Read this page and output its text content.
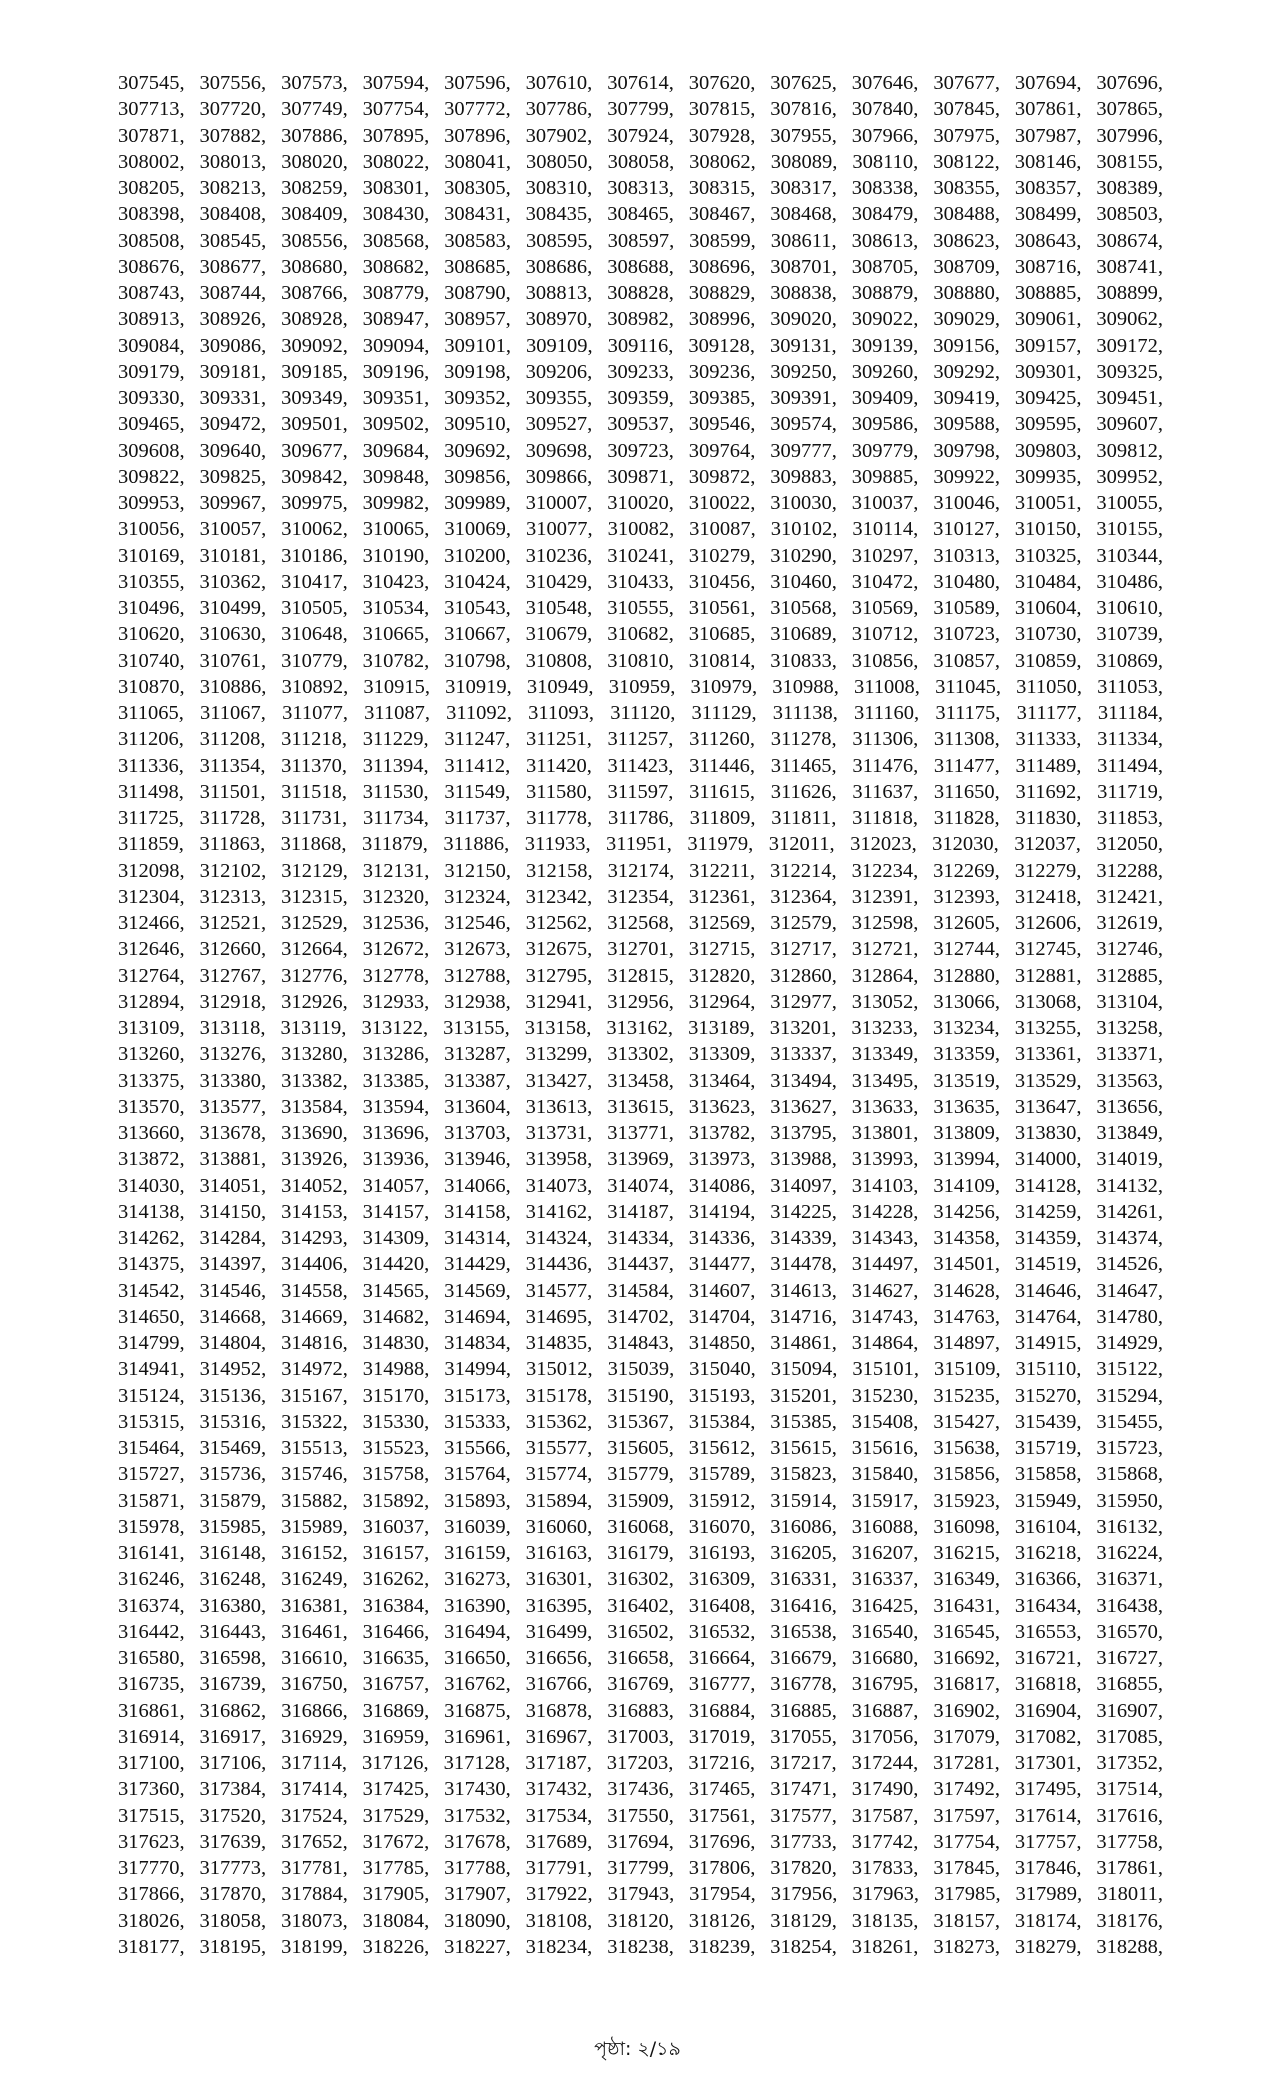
307545, 307556, 307573, 307594, 307596, 307610, 307614, 307620, 307625, 307646, 307677, 307694, 307696,
307713, 307720, 307749, 307754, 307772, 307786, 307799, 307815, 307816, 307840, 307845, 307861, 307865,
307871, 307882, 307886, 307895, 307896, 307902, 307924, 307928, 307955, 307966, 307975, 307987, 307996,
308002, 308013, 308020, 308022, 308041, 308050, 308058, 308062, 308089, 308110, 308122, 308146, 308155,
308205, 308213, 308259, 308301, 308305, 308310, 308313, 308315, 308317, 308338, 308355, 308357, 308389,
308398, 308408, 308409, 308430, 308431, 308435, 308465, 308467, 308468, 308479, 308488, 308499, 308503,
308508, 308545, 308556, 308568, 308583, 308595, 308597, 308599, 308611, 308613, 308623, 308643, 308674,
308676, 308677, 308680, 308682, 308685, 308686, 308688, 308696, 308701, 308705, 308709, 308716, 308741,
308743, 308744, 308766, 308779, 308790, 308813, 308828, 308829, 308838, 308879, 308880, 308885, 308899,
308913, 308926, 308928, 308947, 308957, 308970, 308982, 308996, 309020, 309022, 309029, 309061, 309062,
309084, 309086, 309092, 309094, 309101, 309109, 309116, 309128, 309131, 309139, 309156, 309157, 309172,
309179, 309181, 309185, 309196, 309198, 309206, 309233, 309236, 309250, 309260, 309292, 309301, 309325,
309330, 309331, 309349, 309351, 309352, 309355, 309359, 309385, 309391, 309409, 309419, 309425, 309451,
309465, 309472, 309501, 309502, 309510, 309527, 309537, 309546, 309574, 309586, 309588, 309595, 309607,
309608, 309640, 309677, 309684, 309692, 309698, 309723, 309764, 309777, 309779, 309798, 309803, 309812,
309822, 309825, 309842, 309848, 309856, 309866, 309871, 309872, 309883, 309885, 309922, 309935, 309952,
309953, 309967, 309975, 309982, 309989, 310007, 310020, 310022, 310030, 310037, 310046, 310051, 310055,
310056, 310057, 310062, 310065, 310069, 310077, 310082, 310087, 310102, 310114, 310127, 310150, 310155,
310169, 310181, 310186, 310190, 310200, 310236, 310241, 310279, 310290, 310297, 310313, 310325, 310344,
310355, 310362, 310417, 310423, 310424, 310429, 310433, 310456, 310460, 310472, 310480, 310484, 310486,
310496, 310499, 310505, 310534, 310543, 310548, 310555, 310561, 310568, 310569, 310589, 310604, 310610,
310620, 310630, 310648, 310665, 310667, 310679, 310682, 310685, 310689, 310712, 310723, 310730, 310739,
310740, 310761, 310779, 310782, 310798, 310808, 310810, 310814, 310833, 310856, 310857, 310859, 310869,
310870, 310886, 310892, 310915, 310919, 310949, 310959, 310979, 310988, 311008, 311045, 311050, 311053,
311065, 311067, 311077, 311087, 311092, 311093, 311120, 311129, 311138, 311160, 311175, 311177, 311184,
311206, 311208, 311218, 311229, 311247, 311251, 311257, 311260, 311278, 311306, 311308, 311333, 311334,
311336, 311354, 311370, 311394, 311412, 311420, 311423, 311446, 311465, 311476, 311477, 311489, 311494,
311498, 311501, 311518, 311530, 311549, 311580, 311597, 311615, 311626, 311637, 311650, 311692, 311719,
311725, 311728, 311731, 311734, 311737, 311778, 311786, 311809, 311811, 311818, 311828, 311830, 311853,
311859, 311863, 311868, 311879, 311886, 311933, 311951, 311979, 312011, 312023, 312030, 312037, 312050,
312098, 312102, 312129, 312131, 312150, 312158, 312174, 312211, 312214, 312234, 312269, 312279, 312288,
312304, 312313, 312315, 312320, 312324, 312342, 312354, 312361, 312364, 312391, 312393, 312418, 312421,
312466, 312521, 312529, 312536, 312546, 312562, 312568, 312569, 312579, 312598, 312605, 312606, 312619,
312646, 312660, 312664, 312672, 312673, 312675, 312701, 312715, 312717, 312721, 312744, 312745, 312746,
312764, 312767, 312776, 312778, 312788, 312795, 312815, 312820, 312860, 312864, 312880, 312881, 312885,
312894, 312918, 312926, 312933, 312938, 312941, 312956, 312964, 312977, 313052, 313066, 313068, 313104,
313109, 313118, 313119, 313122, 313155, 313158, 313162, 313189, 313201, 313233, 313234, 313255, 313258,
313260, 313276, 313280, 313286, 313287, 313299, 313302, 313309, 313337, 313349, 313359, 313361, 313371,
313375, 313380, 313382, 313385, 313387, 313427, 313458, 313464, 313494, 313495, 313519, 313529, 313563,
313570, 313577, 313584, 313594, 313604, 313613, 313615, 313623, 313627, 313633, 313635, 313647, 313656,
313660, 313678, 313690, 313696, 313703, 313731, 313771, 313782, 313795, 313801, 313809, 313830, 313849,
313872, 313881, 313926, 313936, 313946, 313958, 313969, 313973, 313988, 313993, 313994, 314000, 314019,
314030, 314051, 314052, 314057, 314066, 314073, 314074, 314086, 314097, 314103, 314109, 314128, 314132,
314138, 314150, 314153, 314157, 314158, 314162, 314187, 314194, 314225, 314228, 314256, 314259, 314261,
314262, 314284, 314293, 314309, 314314, 314324, 314334, 314336, 314339, 314343, 314358, 314359, 314374,
314375, 314397, 314406, 314420, 314429, 314436, 314437, 314477, 314478, 314497, 314501, 314519, 314526,
314542, 314546, 314558, 314565, 314569, 314577, 314584, 314607, 314613, 314627, 314628, 314646, 314647,
314650, 314668, 314669, 314682, 314694, 314695, 314702, 314704, 314716, 314743, 314763, 314764, 314780,
314799, 314804, 314816, 314830, 314834, 314835, 314843, 314850, 314861, 314864, 314897, 314915, 314929,
314941, 314952, 314972, 314988, 314994, 315012, 315039, 315040, 315094, 315101, 315109, 315110, 315122,
315124, 315136, 315167, 315170, 315173, 315178, 315190, 315193, 315201, 315230, 315235, 315270, 315294,
315315, 315316, 315322, 315330, 315333, 315362, 315367, 315384, 315385, 315408, 315427, 315439, 315455,
315464, 315469, 315513, 315523, 315566, 315577, 315605, 315612, 315615, 315616, 315638, 315719, 315723,
315727, 315736, 315746, 315758, 315764, 315774, 315779, 315789, 315823, 315840, 315856, 315858, 315868,
315871, 315879, 315882, 315892, 315893, 315894, 315909, 315912, 315914, 315917, 315923, 315949, 315950,
315978, 315985, 315989, 316037, 316039, 316060, 316068, 316070, 316086, 316088, 316098, 316104, 316132,
316141, 316148, 316152, 316157, 316159, 316163, 316179, 316193, 316205, 316207, 316215, 316218, 316224,
316246, 316248, 316249, 316262, 316273, 316301, 316302, 316309, 316331, 316337, 316349, 316366, 316371,
316374, 316380, 316381, 316384, 316390, 316395, 316402, 316408, 316416, 316425, 316431, 316434, 316438,
316442, 316443, 316461, 316466, 316494, 316499, 316502, 316532, 316538, 316540, 316545, 316553, 316570,
316580, 316598, 316610, 316635, 316650, 316656, 316658, 316664, 316679, 316680, 316692, 316721, 316727,
316735, 316739, 316750, 316757, 316762, 316766, 316769, 316777, 316778, 316795, 316817, 316818, 316855,
316861, 316862, 316866, 316869, 316875, 316878, 316883, 316884, 316885, 316887, 316902, 316904, 316907,
316914, 316917, 316929, 316959, 316961, 316967, 317003, 317019, 317055, 317056, 317079, 317082, 317085,
317100, 317106, 317114, 317126, 317128, 317187, 317203, 317216, 317217, 317244, 317281, 317301, 317352,
317360, 317384, 317414, 317425, 317430, 317432, 317436, 317465, 317471, 317490, 317492, 317495, 317514,
317515, 317520, 317524, 317529, 317532, 317534, 317550, 317561, 317577, 317587, 317597, 317614, 317616,
317623, 317639, 317652, 317672, 317678, 317689, 317694, 317696, 317733, 317742, 317754, 317757, 317758,
317770, 317773, 317781, 317785, 317788, 317791, 317799, 317806, 317820, 317833, 317845, 317846, 317861,
317866, 317870, 317884, 317905, 317907, 317922, 317943, 317954, 317956, 317963, 317985, 317989, 318011,
318026, 318058, 318073, 318084, 318090, 318108, 318120, 318126, 318129, 318135, 318157, 318174, 318176,
318177, 318195, 318199, 318226, 318227, 318234, 318238, 318239, 318254, 318261, 318273, 318279, 318288,
পৃষ্ঠা: ২/১৯
